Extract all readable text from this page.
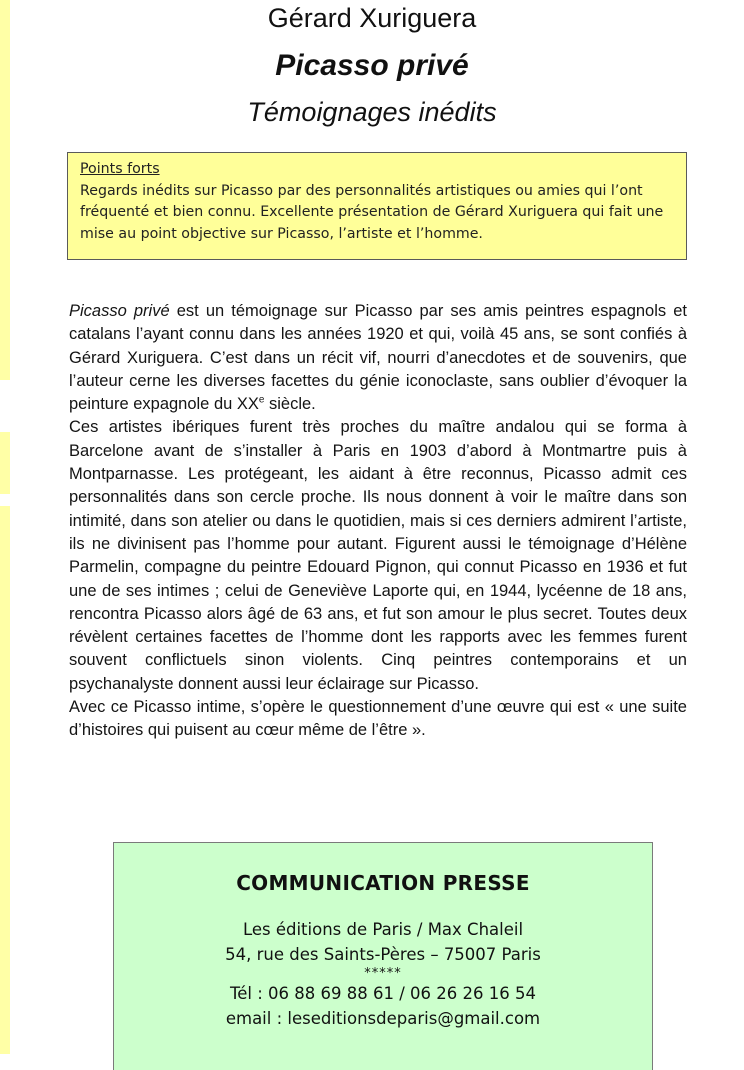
Gérard Xuriguera
Picasso privé
Témoignages inédits
Points forts

Regards inédits sur Picasso par des personnalités artistiques ou amies qui l’ont fréquenté et bien connu. Excellente présentation de Gérard Xuriguera qui fait une mise au point objective sur Picasso, l’artiste et l’homme.

Picasso privé est un témoignage sur Picasso par ses amis peintres espagnols et catalans l’ayant connu dans les années 1920 et qui, voilà 45 ans, se sont confiés à Gérard Xuriguera. C’est dans un récit vif, nourri d’anecdotes et de souvenirs, que l’auteur cerne les diverses facettes du génie iconoclaste, sans oublier d’évoquer la peinture expagnole du XXe siècle.

Ces artistes ibériques furent très proches du maître andalou qui se forma à Barcelone avant de s’installer à Paris en 1903 d’abord à Montmartre puis à Montparnasse. Les protégeant, les aidant à être reconnus, Picasso admit ces personnalités dans son cercle proche. Ils nous donnent à voir le maître dans son intimité, dans son atelier ou dans le quotidien, mais si ces derniers admirent l’artiste, ils ne divinisent pas l’homme pour autant. Figurent aussi le témoignage d’Hélène Parmelin, compagne du peintre Edouard Pignon, qui connut Picasso en 1936 et fut une de ses intimes ; celui de Geneviève Laporte qui, en 1944, lycéenne de 18 ans, rencontra Picasso alors âgé de 63 ans, et fut son amour le plus secret. Toutes deux révèlent certaines facettes de l’homme dont les rapports avec les femmes furent souvent conflictuels sinon violents. Cinq peintres contemporains et un psychanalyste donnent aussi leur éclairage sur Picasso.

Avec ce Picasso intime, s’opère le questionnement d’une œuvre qui est « une suite d’histoires qui puisent au cœur même de l’être ».

COMMUNICATION PRESSE
Les éditions de Paris / Max Chaleil
54, rue des Saints-Pères – 75007 Paris
*****
Tél : 06 88 69 88 61 / 06 26 26 16 54
email : leseditionsdeparis@gmail.com
